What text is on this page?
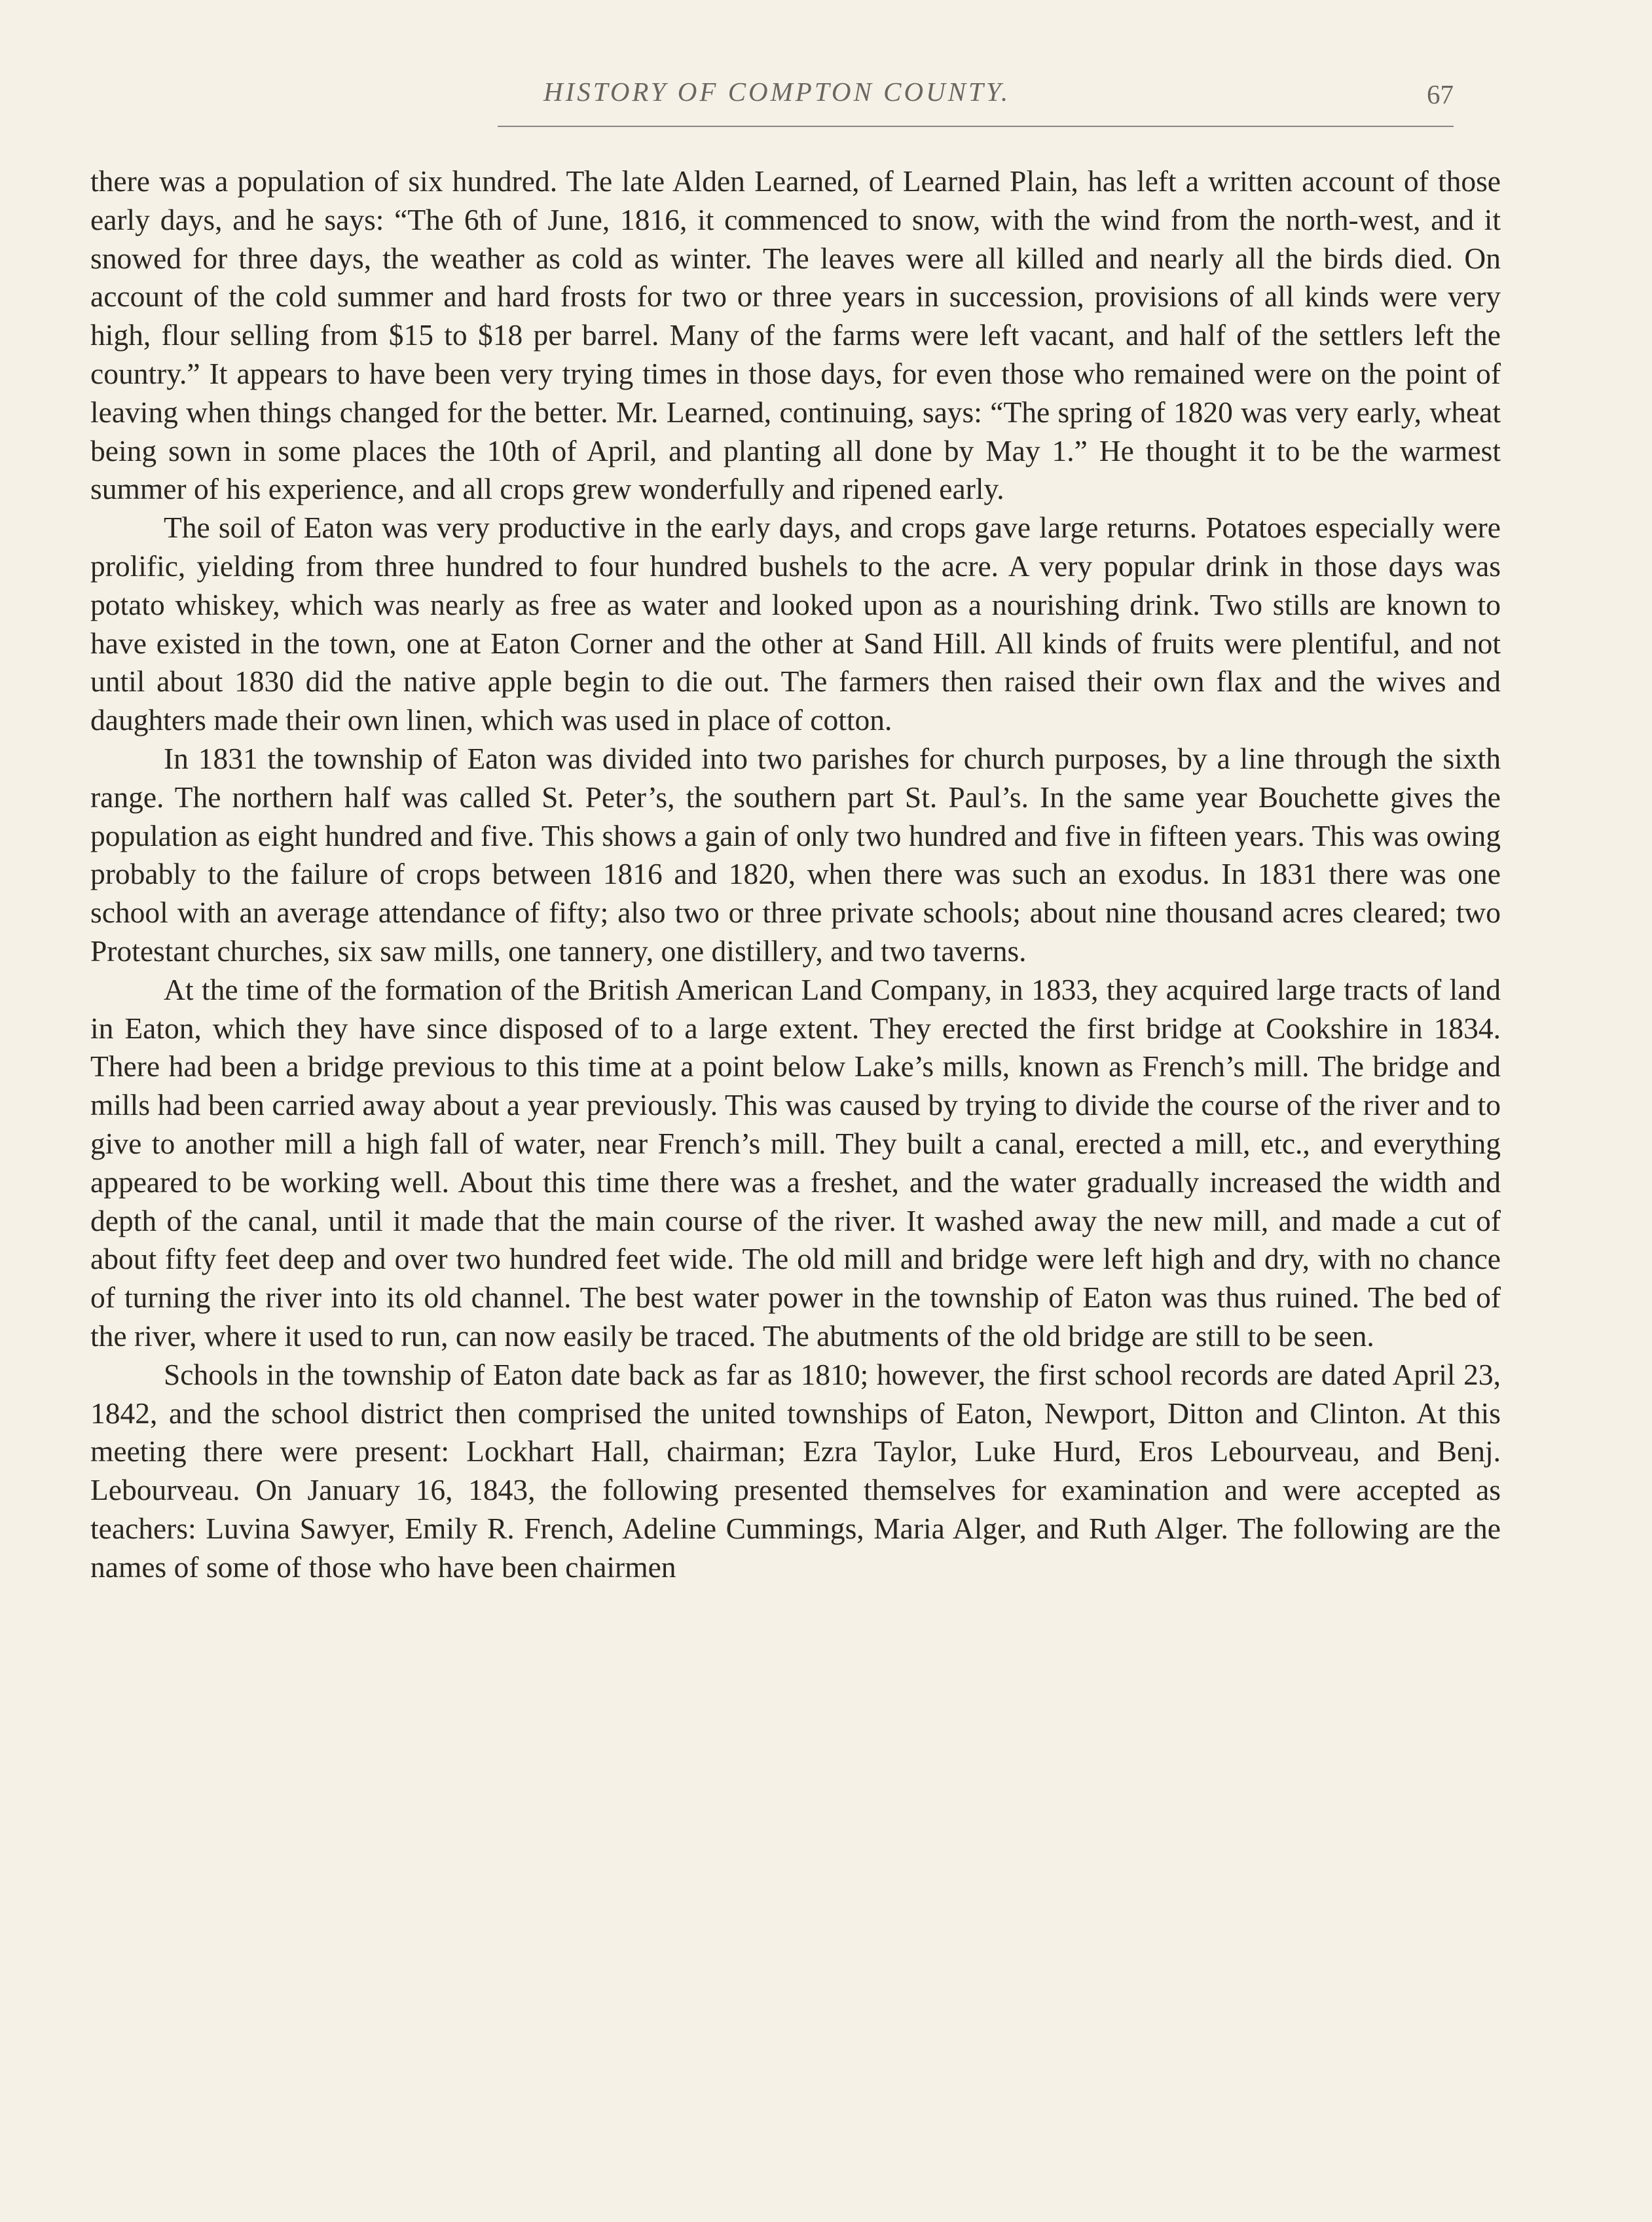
HISTORY OF COMPTON COUNTY.	67

there was a population of six hundred. The late Alden Learned, of Learned Plain, has left a written account of those early days, and he says: “The 6th of June, 1816, it commenced to snow, with the wind from the north-west, and it snowed for three days, the weather as cold as winter. The leaves were all killed and nearly all the birds died. On account of the cold summer and hard frosts for two or three years in succession, provisions of all kinds were very high, flour selling from $15 to $18 per barrel. Many of the farms were left vacant, and half of the settlers left the country.” It appears to have been very trying times in those days, for even those who remained were on the point of leaving when things changed for the better. Mr. Learned, continuing, says: “The spring of 1820 was very early, wheat being sown in some places the 10th of April, and planting all done by May 1.” He thought it to be the warmest summer of his experience, and all crops grew wonderfully and ripened early.

The soil of Eaton was very productive in the early days, and crops gave large returns. Potatoes especially were prolific, yielding from three hundred to four hundred bushels to the acre. A very popular drink in those days was potato whiskey, which was nearly as free as water and looked upon as a nourishing drink. Two stills are known to have existed in the town, one at Eaton Corner and the other at Sand Hill. All kinds of fruits were plentiful, and not until about 1830 did the native apple begin to die out. The farmers then raised their own flax and the wives and daughters made their own linen, which was used in place of cotton.

In 1831 the township of Eaton was divided into two parishes for church purposes, by a line through the sixth range. The northern half was called St. Peter’s, the southern part St. Paul’s. In the same year Bouchette gives the population as eight hundred and five. This shows a gain of only two hundred and five in fifteen years. This was owing probably to the failure of crops between 1816 and 1820, when there was such an exodus. In 1831 there was one school with an average attendance of fifty; also two or three private schools; about nine thousand acres cleared; two Protestant churches, six saw mills, one tannery, one distillery, and two taverns.

At the time of the formation of the British American Land Company, in 1833, they acquired large tracts of land in Eaton, which they have since disposed of to a large extent. They erected the first bridge at Cookshire in 1834. There had been a bridge previous to this time at a point below Lake’s mills, known as French’s mill. The bridge and mills had been carried away about a year previously. This was caused by trying to divide the course of the river and to give to another mill a high fall of water, near French’s mill. They built a canal, erected a mill, etc., and everything appeared to be working well. About this time there was a freshet, and the water gradually increased the width and depth of the canal, until it made that the main course of the river. It washed away the new mill, and made a cut of about fifty feet deep and over two hundred feet wide. The old mill and bridge were left high and dry, with no chance of turning the river into its old channel. The best water power in the township of Eaton was thus ruined. The bed of the river, where it used to run, can now easily be traced. The abutments of the old bridge are still to be seen.

Schools in the township of Eaton date back as far as 1810; however, the first school records are dated April 23, 1842, and the school district then comprised the united townships of Eaton, Newport, Ditton and Clinton. At this meeting there were present: Lockhart Hall, chairman; Ezra Taylor, Luke Hurd, Eros Lebourveau, and Benj. Lebourveau. On January 16, 1843, the following presented themselves for examination and were accepted as teachers: Luvina Sawyer, Emily R. French, Adeline Cummings, Maria Alger, and Ruth Alger. The following are the names of some of those who have been chairmen
